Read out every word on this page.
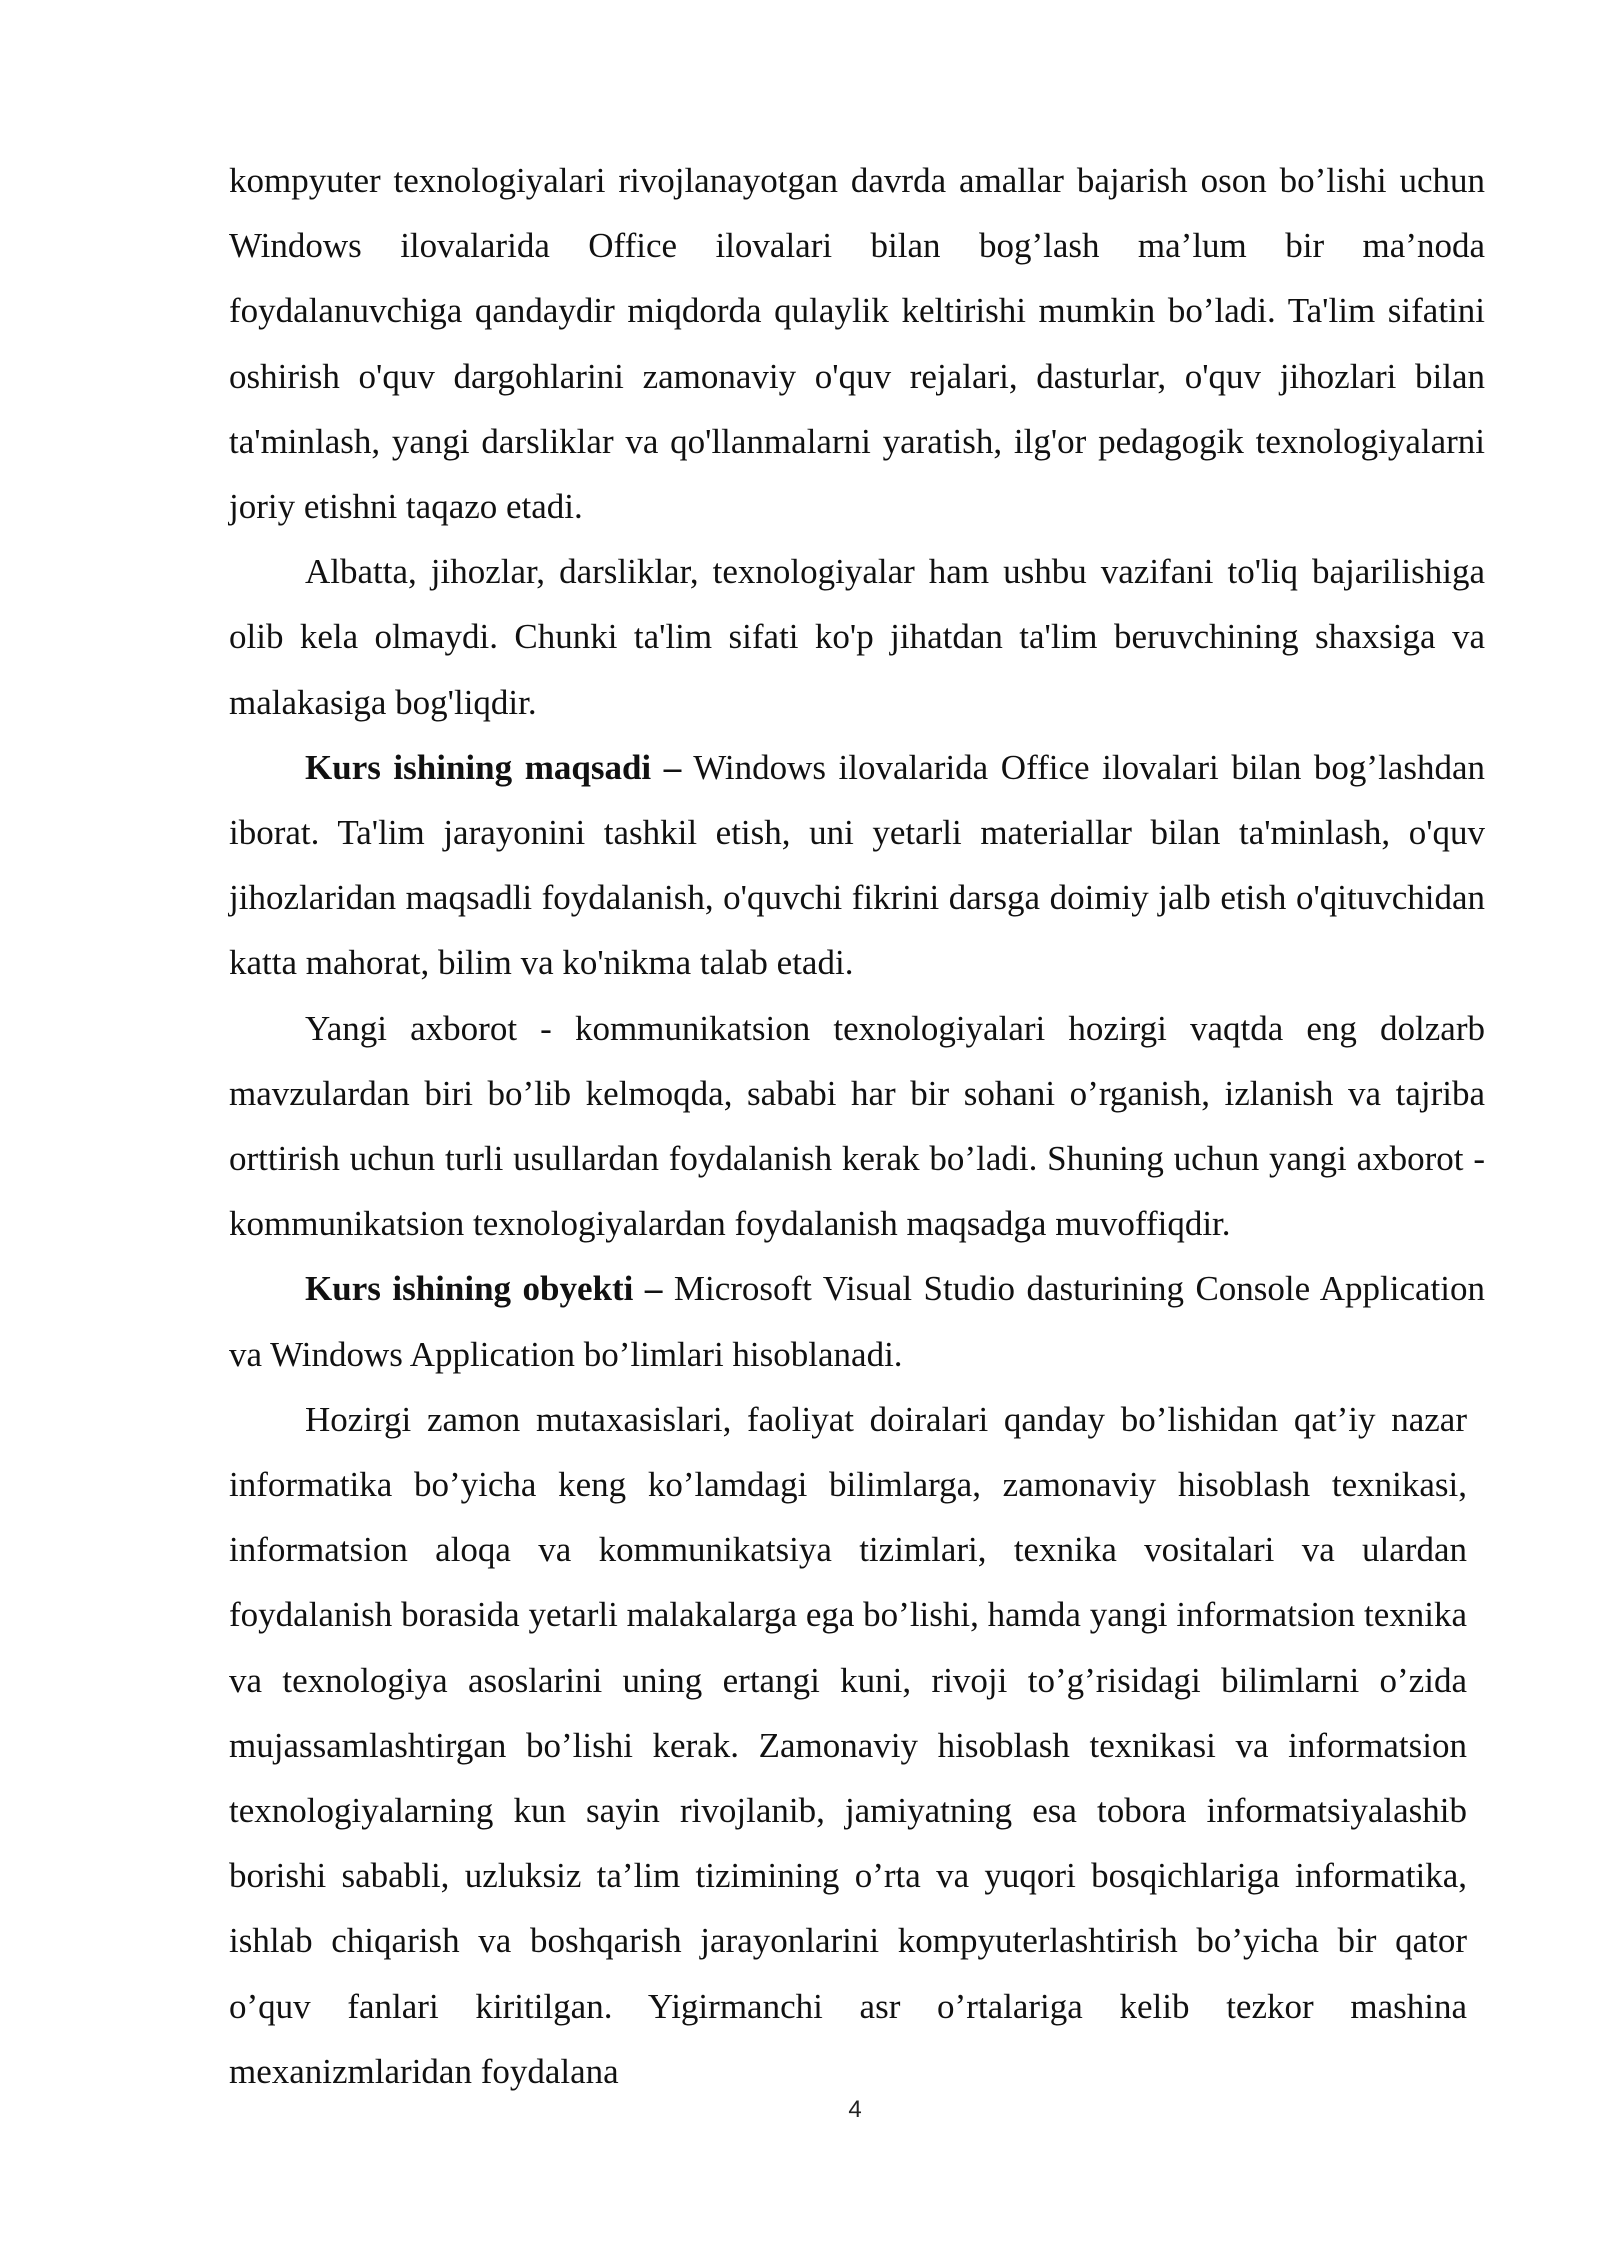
kompyuter texnologiyalari rivojlanayotgan davrda amallar bajarish oson bo’lishi uchun Windows ilovalarida Office ilovalari bilan bog’lash ma’lum bir ma’noda foydalanuvchiga qandaydir miqdorda qulaylik keltirishi mumkin bo’ladi. Ta'lim sifatini oshirish o'quv dargohlarini zamonaviy o'quv rejalari, dasturlar, o'quv jihozlari bilan ta'minlash, yangi darsliklar va qo'llanmalarni yaratish, ilg'or pedagogik texnologiyalarni joriy etishni taqazo etadi.

Albatta, jihozlar, darsliklar, texnologiyalar ham ushbu vazifani to'liq bajarilishiga olib kela olmaydi. Chunki ta'lim sifati ko'p jihatdan ta'lim beruvchining shaxsiga va malakasiga bog'liqdir.

Kurs ishining maqsadi – Windows ilovalarida Office ilovalari bilan bog’lashdan iborat. Ta'lim jarayonini tashkil etish, uni yetarli materiallar bilan ta'minlash, o'quv jihozlaridan maqsadli foydalanish, o'quvchi fikrini darsga doimiy jalb etish o'qituvchidan katta mahorat, bilim va ko'nikma talab etadi.

Yangi axborot - kommunikatsion texnologiyalari hozirgi vaqtda eng dolzarb mavzulardan biri bo’lib kelmoqda, sababi har bir sohani o’rganish, izlanish va tajriba orttirish uchun turli usullardan foydalanish kerak bo’ladi. Shuning uchun yangi axborot - kommunikatsion texnologiyalardan foydalanish maqsadga muvoffiqdir.

Kurs ishining obyekti – Microsoft Visual Studio dasturining Console Application va Windows Application bo’limlari hisoblanadi.

Hozirgi zamon mutaxasislari, faoliyat doiralari qanday bo’lishidan qat’iy nazar informatika bo’yicha keng ko’lamdagi bilimlarga, zamonaviy hisoblash texnikasi, informatsion aloqa va kommunikatsiya tizimlari, texnika vositalari va ulardan foydalanish borasida yetarli malakalarga ega bo’lishi, hamda yangi informatsion texnika va texnologiya asoslarini uning ertangi kuni, rivoji to’g’risidagi bilimlarni o’zida mujassamlashtirgan bo’lishi kerak. Zamonaviy hisoblash texnikasi va informatsion texnologiyalarning kun sayin rivojlanib, jamiyatning esa tobora informatsiyalashib borishi sababli, uzluksiz ta’lim tizimining o’rta va yuqori bosqichlariga informatika, ishlab chiqarish va boshqarish jarayonlarini kompyuterlashtirish bo’yicha bir qator o’quv fanlari kiritilgan. Yigirmanchi asr o’rtalariga kelib tezkor mashina mexanizmlaridan foydalana

4
